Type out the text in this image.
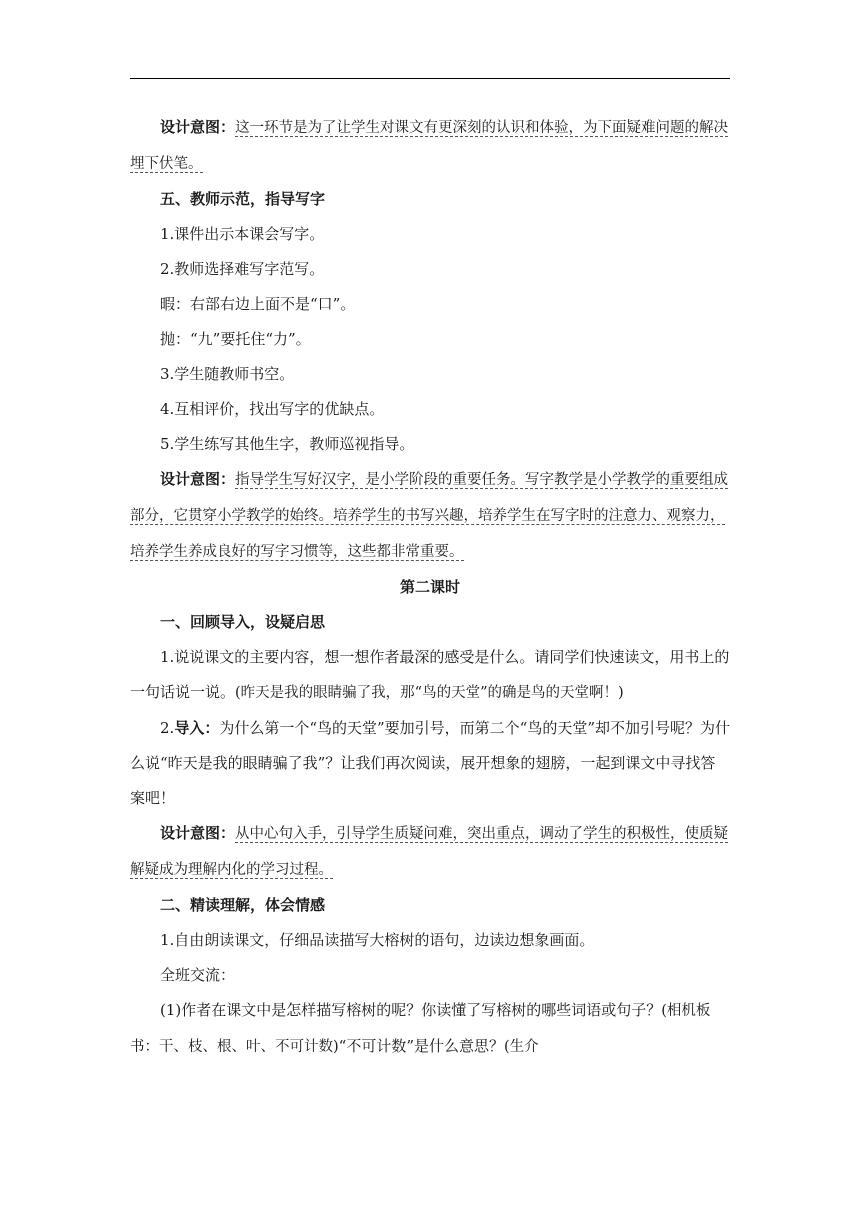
设计意图：这一环节是为了让学生对课文有更深刻的认识和体验，为下面疑难问题的解决埋下伏笔。

五、教师示范，指导写字

1.课件出示本课会写字。

2.教师选择难写字范写。

暇：右部右边上面不是“口”。

抛：“九”要托住“力”。

3.学生随教师书空。

4.互相评价，找出写字的优缺点。

5.学生练写其他生字，教师巡视指导。

设计意图：指导学生写好汉字，是小学阶段的重要任务。写字教学是小学教学的重要组成部分，它贯穿小学教学的始终。培养学生的书写兴趣，培养学生在写字时的注意力、观察力，培养学生养成良好的写字习惯等，这些都非常重要。

第二课时

一、回顾导入，设疑启思

1.说说课文的主要内容，想一想作者最深的感受是什么。请同学们快速读文，用书上的一句话说一说。(昨天是我的眼睛骗了我，那“鸟的天堂”的确是鸟的天堂啊！)

2.导入：为什么第一个“鸟的天堂”要加引号，而第二个“鸟的天堂”却不加引号呢？为什么说“昨天是我的眼睛骗了我”？让我们再次阅读，展开想象的翅膀，一起到课文中寻找答案吧！

设计意图：从中心句入手，引导学生质疑问难，突出重点，调动了学生的积极性，使质疑解疑成为理解内化的学习过程。

二、精读理解，体会情感

1.自由朗读课文，仔细品读描写大榕树的语句，边读边想象画面。

全班交流：

(1)作者在课文中是怎样描写榕树的呢？你读懂了写榕树的哪些词语或句子？(相机板书：干、枝、根、叶、不可计数)“不可计数”是什么意思？(生介
